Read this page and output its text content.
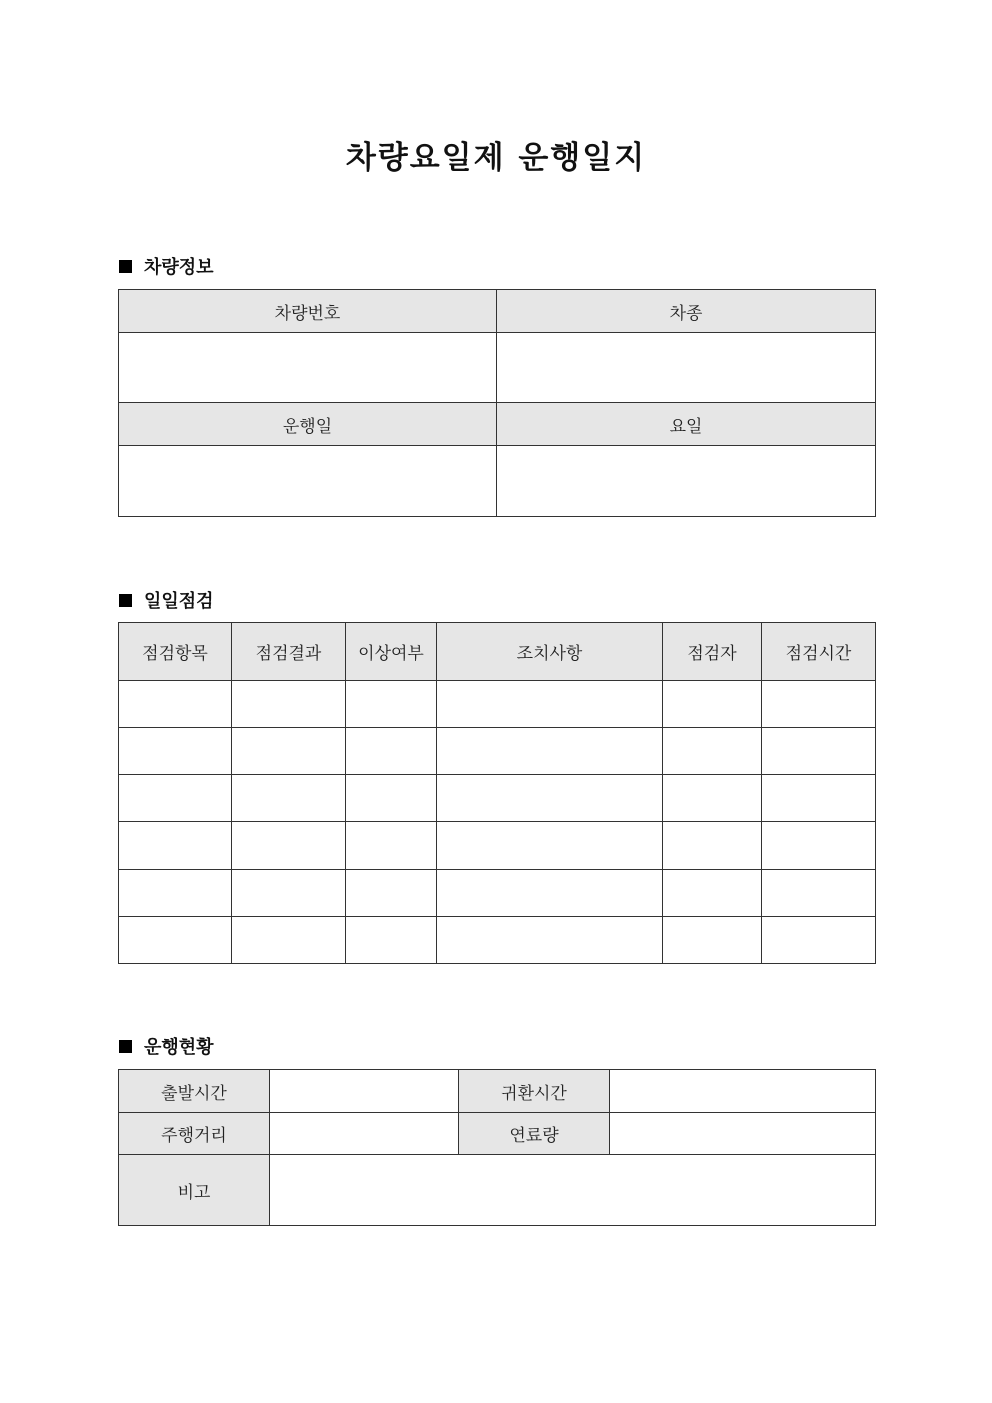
차량요일제 운행일지
차량정보
차량번호	차종

운행일	요일

일일점검
점검항목	점검결과	이상여부	조치사항	점검자	점검시간

운행현황
출발시간		귀환시간	
주행거리		연료량	
비고			
